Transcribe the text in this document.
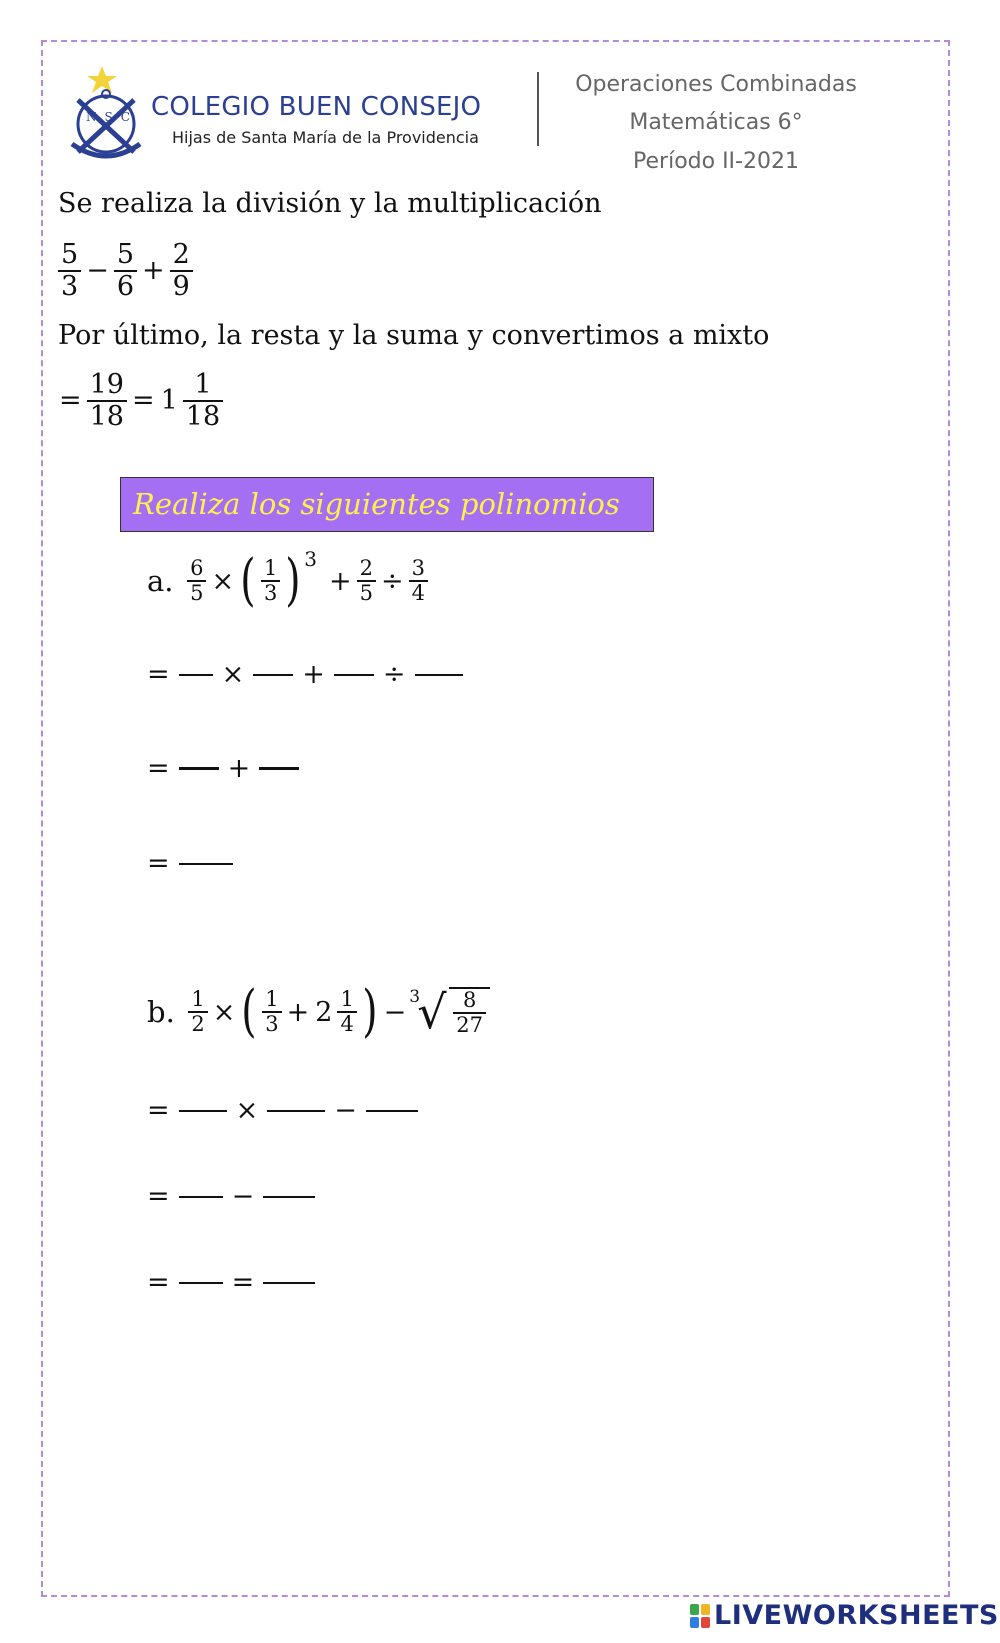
NSC COLEGIO BUEN CONSEJO
Hijas de Santa María de la Providencia
Operaciones Combinadas
Matemáticas 6°
Período II-2021
Se realiza la división y la multiplicación
$\frac{5}{3} - \frac{5}{6} + \frac{2}{9}$
Por último, la resta y la suma y convertimos a mixto
= $\frac{19}{18} = 1 \frac{1}{18}$
Realiza los siguientes polinomios
a. $\frac{6}{5}$ × ( $\frac{1}{3}$ ) $3+ \frac{2}{5} \div \frac{3}{4}$
= × + ÷
= +
=
b. $\frac{1}{2}$ × ( $\frac{1}{3} + 2 \frac{1}{4}$ ) − 3
√ $\frac{8}{27}$
= ×	−
= −
= =
LIVEWORKSHEETS
